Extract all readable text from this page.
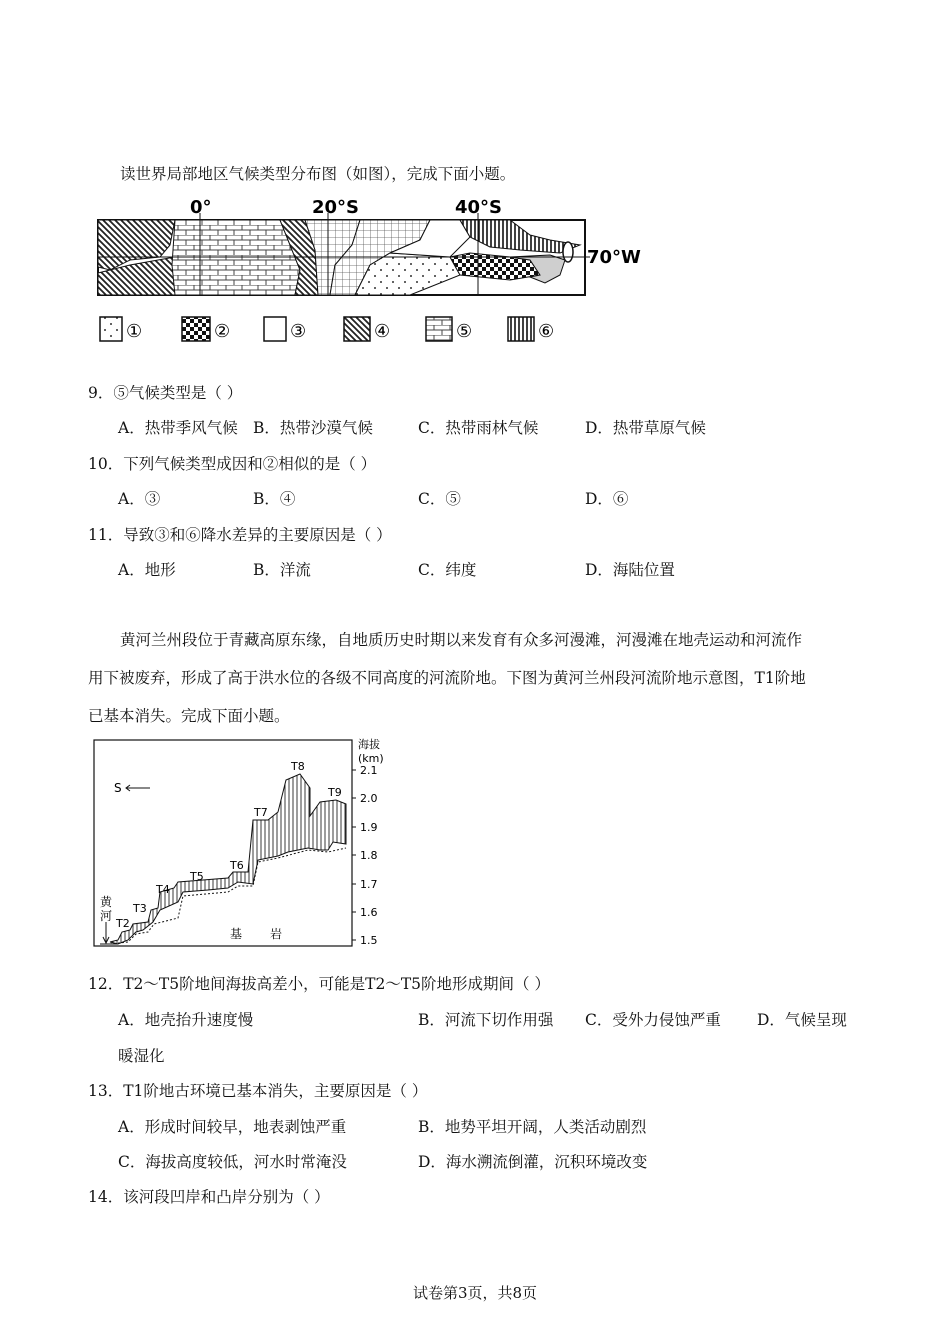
读世界局部地区气候类型分布图（如图），完成下面小题。
0°	20°S	40°S
70°W
①	②	③	④	⑤	⑥
9．⑤气候类型是（ ）
A．热带季风气候 B．热带沙漠气候	C．热带雨林气候	D．热带草原气候
10．下列气候类型成因和②相似的是（ ）
A．③	B．④	C．⑤	D．⑥
11．导致③和⑥降水差异的主要原因是（ ）
A．地形	B．洋流	C．纬度	D．海陆位置
黄河兰州段位于青藏高原东缘，自地质历史时期以来发育有众多河漫滩，河漫滩在地壳运动和河流作
用下被废弃，形成了高于洪水位的各级不同高度的河流阶地。下图为黄河兰州段河流阶地示意图，T1阶地
已基本消失。完成下面小题。
海拔
(km)
2.1
2.0
1.9
1.8
1.7
1.6
1.5
黄
河
S
T2
T3
T4
T5
T6
T7
T8
T9
基 岩
12．T2～T5阶地间海拔高差小，可能是T2～T5阶地形成期间（ ）
A．地壳抬升速度慢	B．河流下切作用强 C．受外力侵蚀严重 D．气候呈现
暖湿化
13．T1阶地古环境已基本消失，主要原因是（ ）
A．形成时间较早，地表剥蚀严重	B．地势平坦开阔，人类活动剧烈
C．海拔高度较低，河水时常淹没	D．海水溯流倒灌，沉积环境改变
14．该河段凹岸和凸岸分别为（ ）
试卷第3页，共8页
